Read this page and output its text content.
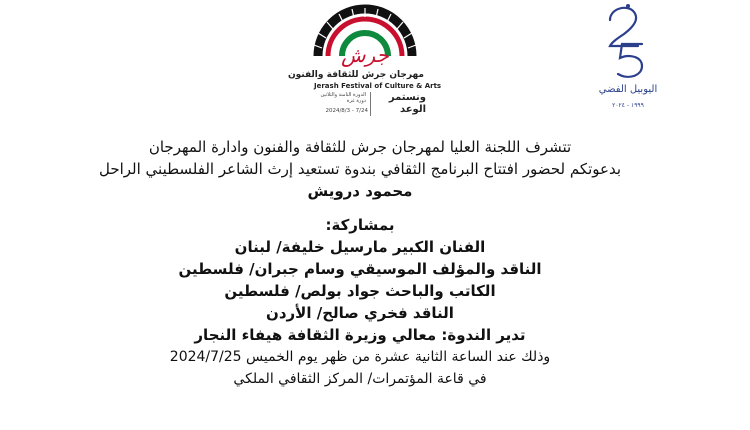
جرش
مهرجان جرش للثقافة والفنون
Jerash Festival of Culture & Arts
الدورة الثامنة والثلاثين دورة غزة
2024/8/3 - 7/24
ونستمر
الوعد
25
اليوبيل الفضي
١٩٩٩ - ٢٠٢٤
تتشرف اللجنة العليا لمهرجان جرش للثقافة والفنون وادارة المهرجان
بدعوتكم لحضور افتتاح البرنامج الثقافي بندوة تستعيد إرث الشاعر الفلسطيني الراحل
محمود درويش
بمشاركة:
الفنان الكبير مارسيل خليفة/ لبنان
الناقد والمؤلف الموسيقي وسام جبران/ فلسطين
الكاتب والباحث جواد بولص/ فلسطين
الناقد فخري صالح/ الأردن
تدير الندوة: معالي وزيرة الثقافة هيفاء النجار
وذلك عند الساعة الثانية عشرة من ظهر يوم الخميس 2024/7/25
في قاعة المؤتمرات/ المركز الثقافي الملكي
